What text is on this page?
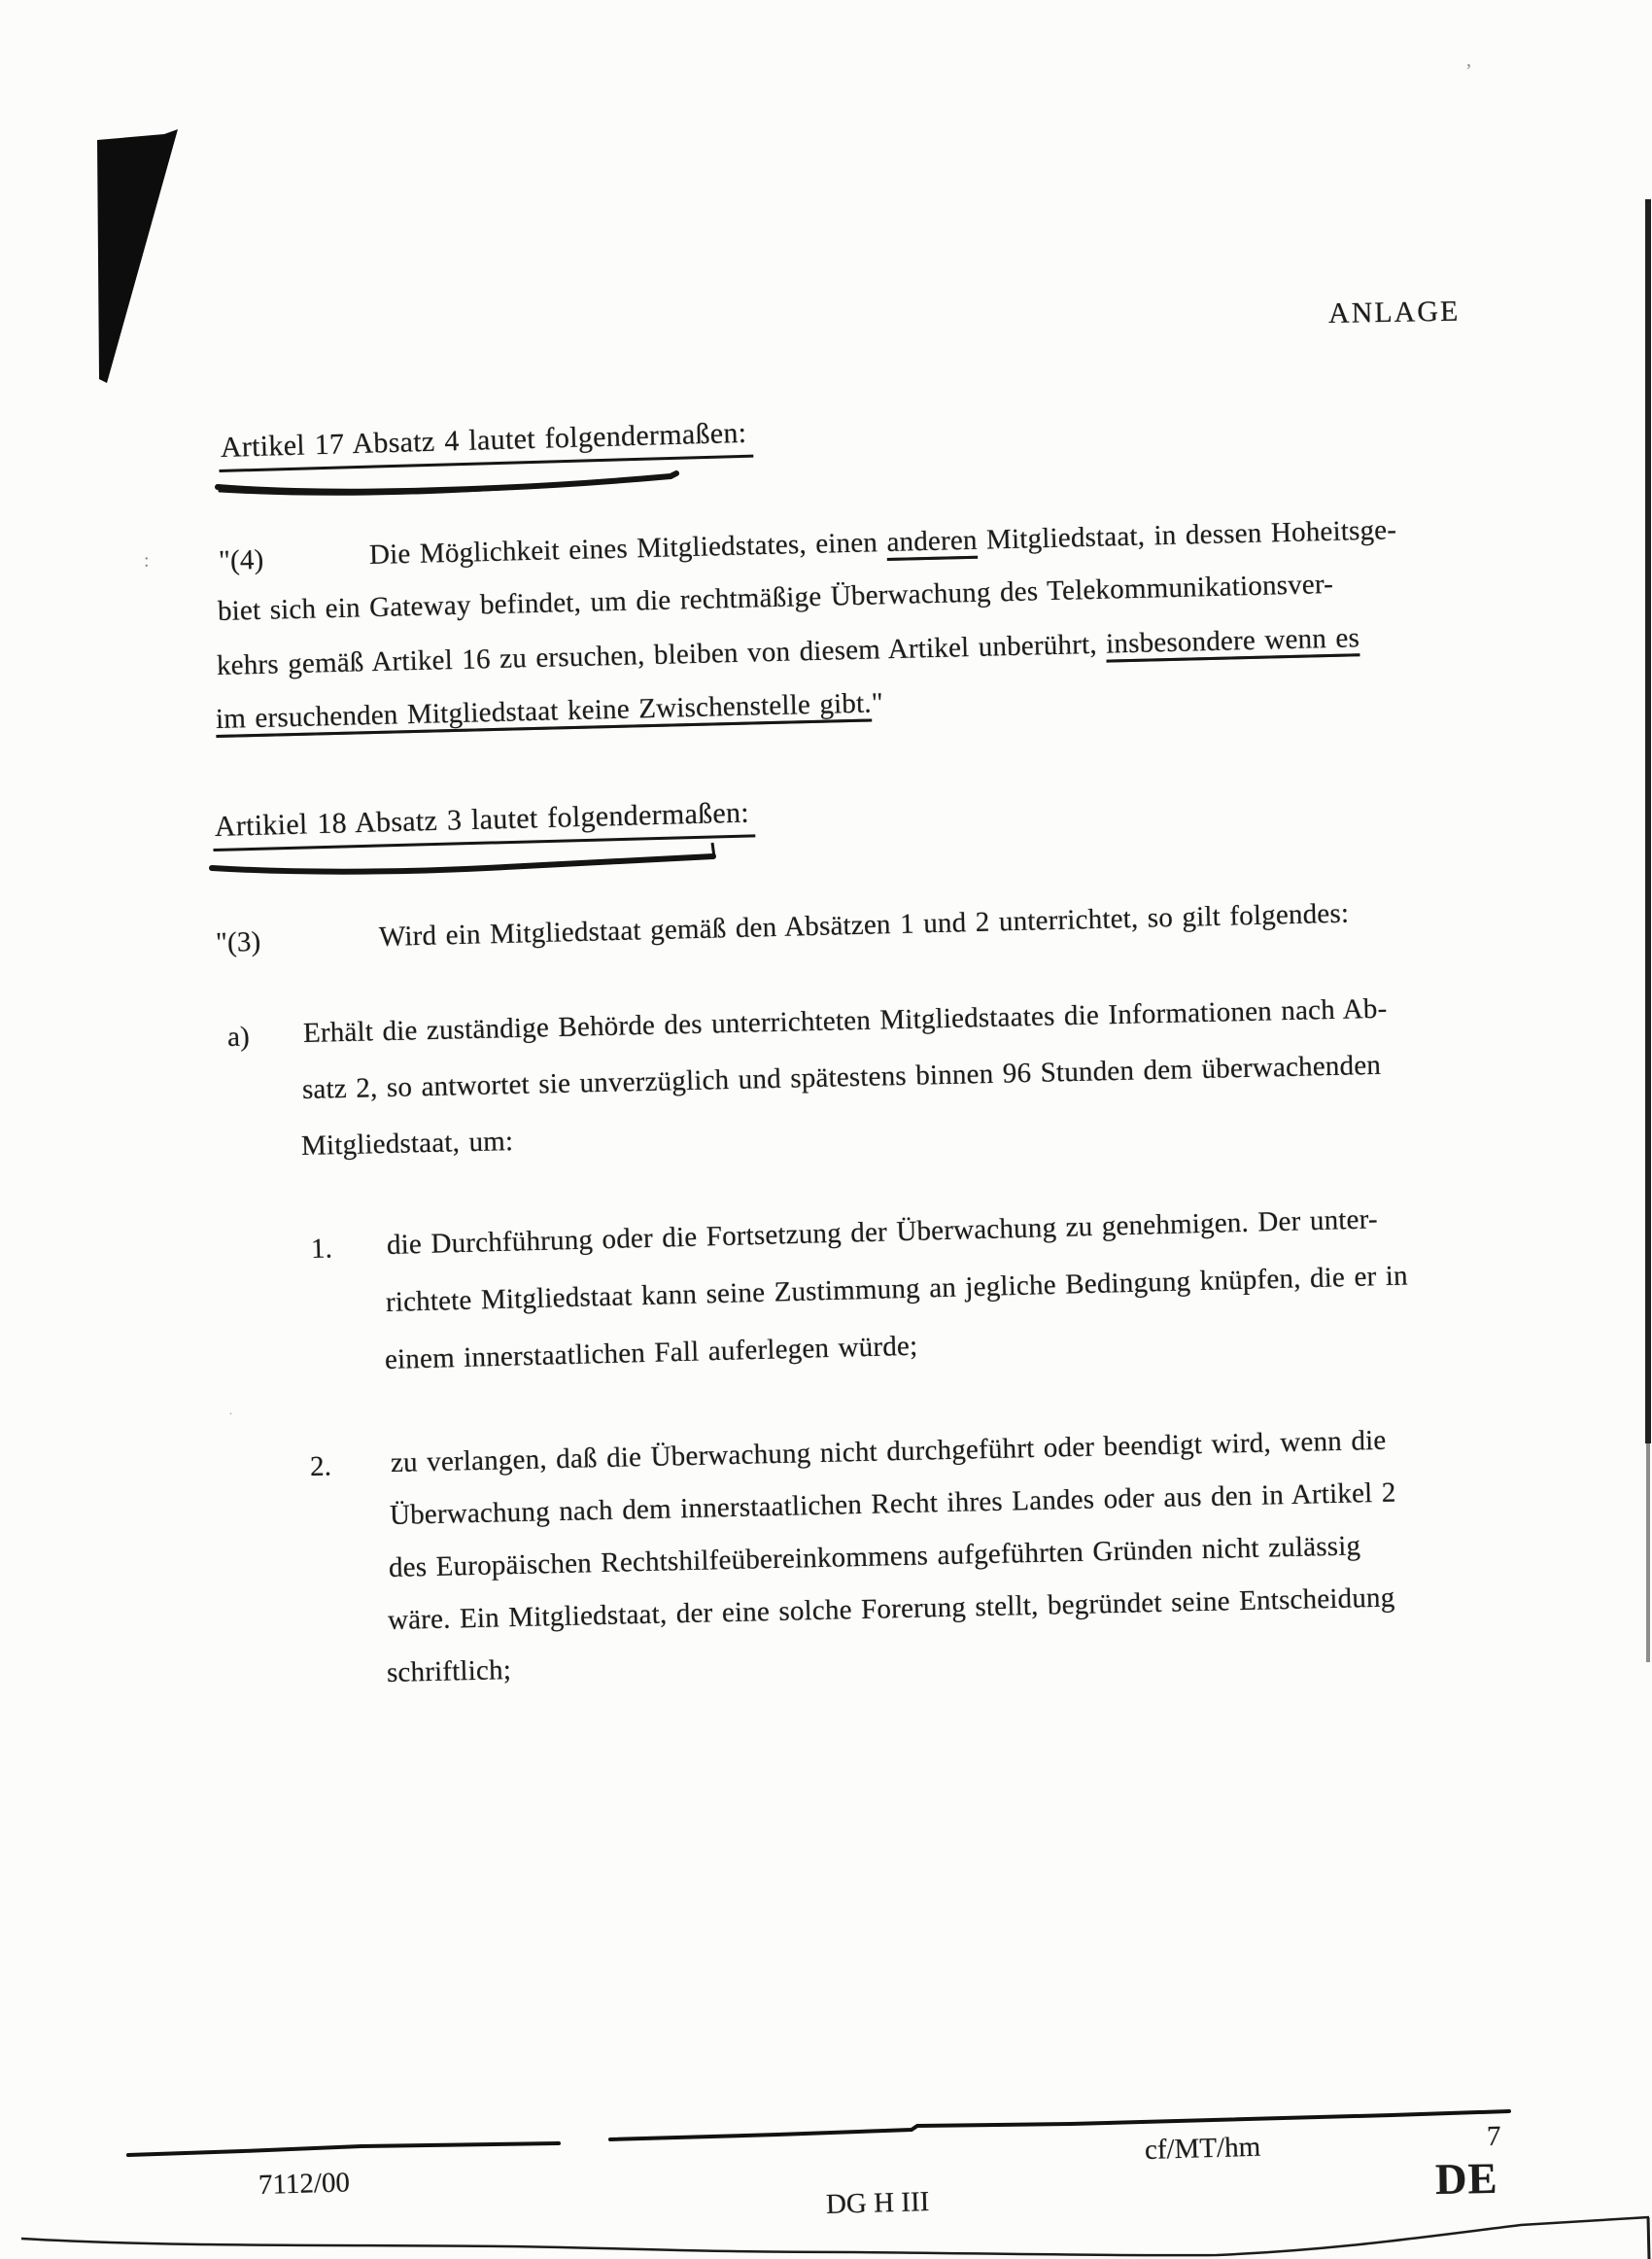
:
’
.
ANLAGE
Artikel 17 Absatz 4 lautet folgendermaßen:
"(4)	Die Möglichkeit eines Mitgliedstates, einen anderen Mitgliedstaat, in dessen Hoheitsge-
biet sich ein Gateway befindet, um die rechtmäßige Überwachung des Telekommunikationsver-
kehrs gemäß Artikel 16 zu ersuchen, bleiben von diesem Artikel unberührt, insbesondere wenn es
im ersuchenden Mitgliedstaat keine Zwischenstelle gibt."
Artikiel 18 Absatz 3 lautet folgendermaßen:
"(3)	Wird ein Mitgliedstaat gemäß den Absätzen 1 und 2 unterrichtet, so gilt folgendes:
a) Erhält die zuständige Behörde des unterrichteten Mitgliedstaates die Informationen nach Ab-
satz 2, so antwortet sie unverzüglich und spätestens binnen 96 Stunden dem überwachenden
Mitgliedstaat, um:
1. die Durchführung oder die Fortsetzung der Überwachung zu genehmigen. Der unter-
richtete Mitgliedstaat kann seine Zustimmung an jegliche Bedingung knüpfen, die er in
einem innerstaatlichen Fall auferlegen würde;
2. zu verlangen, daß die Überwachung nicht durchgeführt oder beendigt wird, wenn die
Überwachung nach dem innerstaatlichen Recht ihres Landes oder aus den in Artikel 2
des Europäischen Rechtshilfeübereinkommens aufgeführten Gründen nicht zulässig
wäre. Ein Mitgliedstaat, der eine solche Forerung stellt, begründet seine Entscheidung
schriftlich;
7112/00
DG H III
cf/MT/hm	7
DE
